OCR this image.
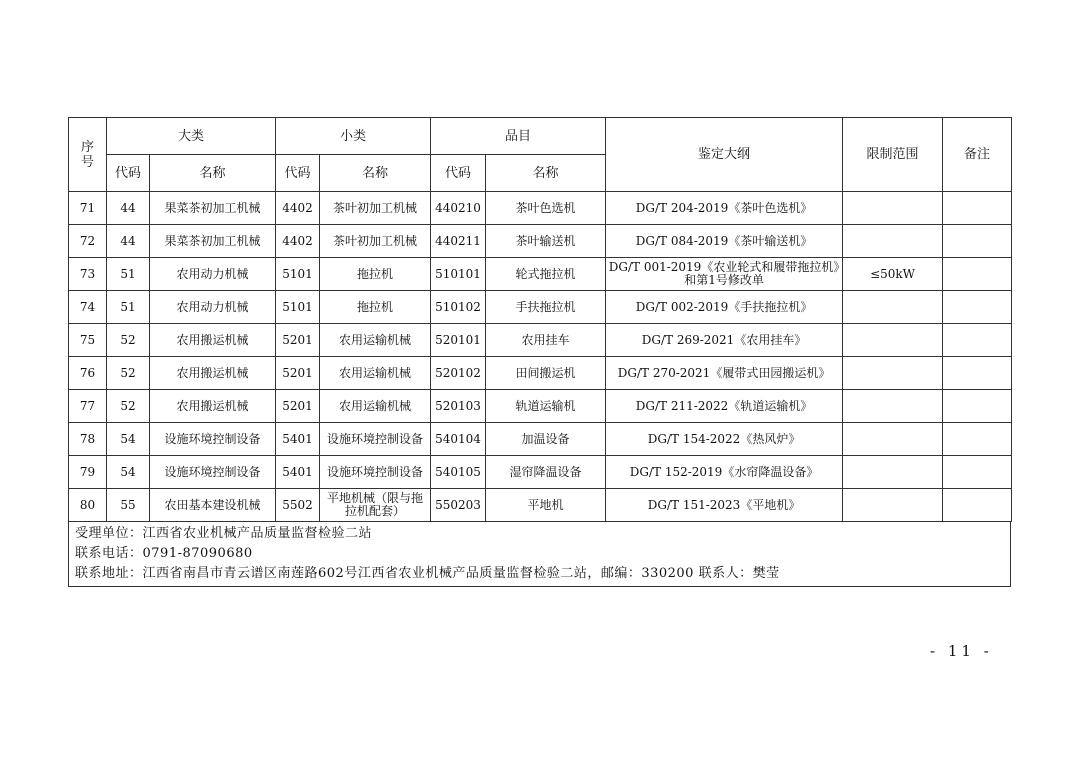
序号	大类		小类		品目		鉴定大纲	限制范围	备注
	代码	名称	代码	名称	代码	名称			
71	44	果菜茶初加工机械	4402	茶叶初加工机械	440210	茶叶色选机	DG/T 204-2019《茶叶色选机》		
72	44	果菜茶初加工机械	4402	茶叶初加工机械	440211	茶叶输送机	DG/T 084-2019《茶叶输送机》		
73	51	农用动力机械	5101	拖拉机	510101	轮式拖拉机	DG/T 001-2019《农业轮式和履带拖拉机》和第1号修改单	≤50kW	
74	51	农用动力机械	5101	拖拉机	510102	手扶拖拉机	DG/T 002-2019《手扶拖拉机》		
75	52	农用搬运机械	5201	农用运输机械	520101	农用挂车	DG/T 269-2021《农用挂车》		
76	52	农用搬运机械	5201	农用运输机械	520102	田间搬运机	DG/T 270-2021《履带式田园搬运机》		
77	52	农用搬运机械	5201	农用运输机械	520103	轨道运输机	DG/T 211-2022《轨道运输机》		
78	54	设施环境控制设备	5401	设施环境控制设备	540104	加温设备	DG/T 154-2022《热风炉》		
79	54	设施环境控制设备	5401	设施环境控制设备	540105	湿帘降温设备	DG/T 152-2019《水帘降温设备》		
80	55	农田基本建设机械	5502	平地机械（限与拖拉机配套）	550203	平地机	DG/T 151-2023《平地机》		
受理单位：江西省农业机械产品质量监督检验二站
联系电话：0791-87090680
联系地址：江西省南昌市青云谱区南莲路602号江西省农业机械产品质量监督检验二站，邮编：330200 联系人：樊莹
- 11 -
